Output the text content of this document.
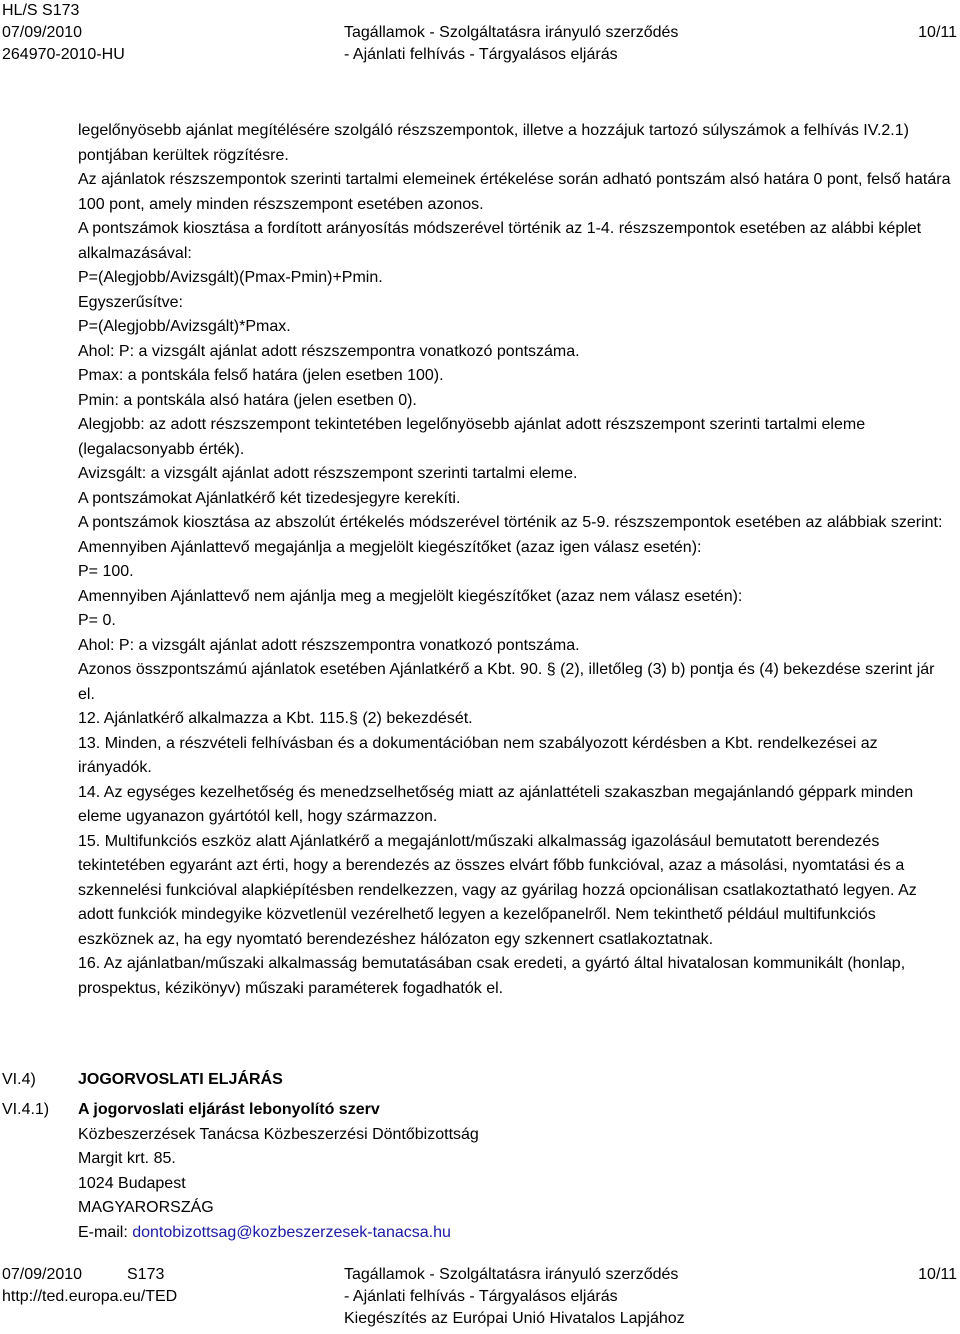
HL/S S173
07/09/2010	Tagállamok - Szolgáltatásra irányuló szerződés	10/11
264970-2010-HU	- Ajánlati felhívás - Tárgyalásos eljárás

legelőnyösebb ajánlat megítélésére szolgáló részszempontok, illetve a hozzájuk tartozó súlyszámok a felhívás IV.2.1) pontjában kerültek rögzítésre.

Az ajánlatok részszempontok szerinti tartalmi elemeinek értékelése során adható pontszám alsó határa 0 pont, felső határa 100 pont, amely minden részszempont esetében azonos.

A pontszámok kiosztása a fordított arányosítás módszerével történik az 1-4. részszempontok esetében az alábbi képlet alkalmazásával:

P=(Alegjobb/Avizsgált)(Pmax-Pmin)+Pmin.

Egyszerűsítve:

P=(Alegjobb/Avizsgált)*Pmax.

Ahol: P: a vizsgált ajánlat adott részszempontra vonatkozó pontszáma.

Pmax: a pontskála felső határa (jelen esetben 100).

Pmin: a pontskála alsó határa (jelen esetben 0).

Alegjobb: az adott részszempont tekintetében legelőnyösebb ajánlat adott részszempont szerinti tartalmi eleme (legalacsonyabb érték).

Avizsgált: a vizsgált ajánlat adott részszempont szerinti tartalmi eleme.

A pontszámokat Ajánlatkérő két tizedesjegyre kerekíti.

A pontszámok kiosztása az abszolút értékelés módszerével történik az 5-9. részszempontok esetében az alábbiak szerint:

Amennyiben Ajánlattevő megajánlja a megjelölt kiegészítőket (azaz igen válasz esetén):

P= 100.

Amennyiben Ajánlattevő nem ajánlja meg a megjelölt kiegészítőket (azaz nem válasz esetén):

P= 0.

Ahol: P: a vizsgált ajánlat adott részszempontra vonatkozó pontszáma.

Azonos összpontszámú ajánlatok esetében Ajánlatkérő a Kbt. 90. § (2), illetőleg (3) b) pontja és (4) bekezdése szerint jár el.

12. Ajánlatkérő alkalmazza a Kbt. 115.§ (2) bekezdését.

13. Minden, a részvételi felhívásban és a dokumentációban nem szabályozott kérdésben a Kbt. rendelkezései az irányadók.

14. Az egységes kezelhetőség és menedzselhetőség miatt az ajánlattételi szakaszban megajánlandó géppark minden eleme ugyanazon gyártótól kell, hogy származzon.

15. Multifunkciós eszköz alatt Ajánlatkérő a megajánlott/műszaki alkalmasság igazolásául bemutatott berendezés tekintetében egyaránt azt érti, hogy a berendezés az összes elvárt főbb funkcióval, azaz a másolási, nyomtatási és a szkennelési funkcióval alapkiépítésben rendelkezzen, vagy az gyárilag hozzá opcionálisan csatlakoztatható legyen. Az adott funkciók mindegyike közvetlenül vezérelhető legyen a kezelőpanelről. Nem tekinthető például multifunkciós eszköznek az, ha egy nyomtató berendezéshez hálózaton egy szkennert csatlakoztatnak.

16. Az ajánlatban/műszaki alkalmasság bemutatásában csak eredeti, a gyártó által hivatalosan kommunikált (honlap, prospektus, kézikönyv) műszaki paraméterek fogadhatók el.

VI.4)	JOGORVOSLATI ELJÁRÁS
VI.4.1) A jogorvoslati eljárást lebonyolító szerv

Közbeszerzések Tanácsa Közbeszerzési Döntőbizottság

Margit krt. 85.

1024 Budapest

MAGYARORSZÁG

E-mail: dontobizottsag@kozbeszerzesek-tanacsa.hu

07/09/2010	S173	Tagállamok - Szolgáltatásra irányuló szerződés	10/11
http://ted.europa.eu/TED	- Ajánlati felhívás - Tárgyalásos eljárás
Kiegészítés az Európai Unió Hivatalos Lapjához
